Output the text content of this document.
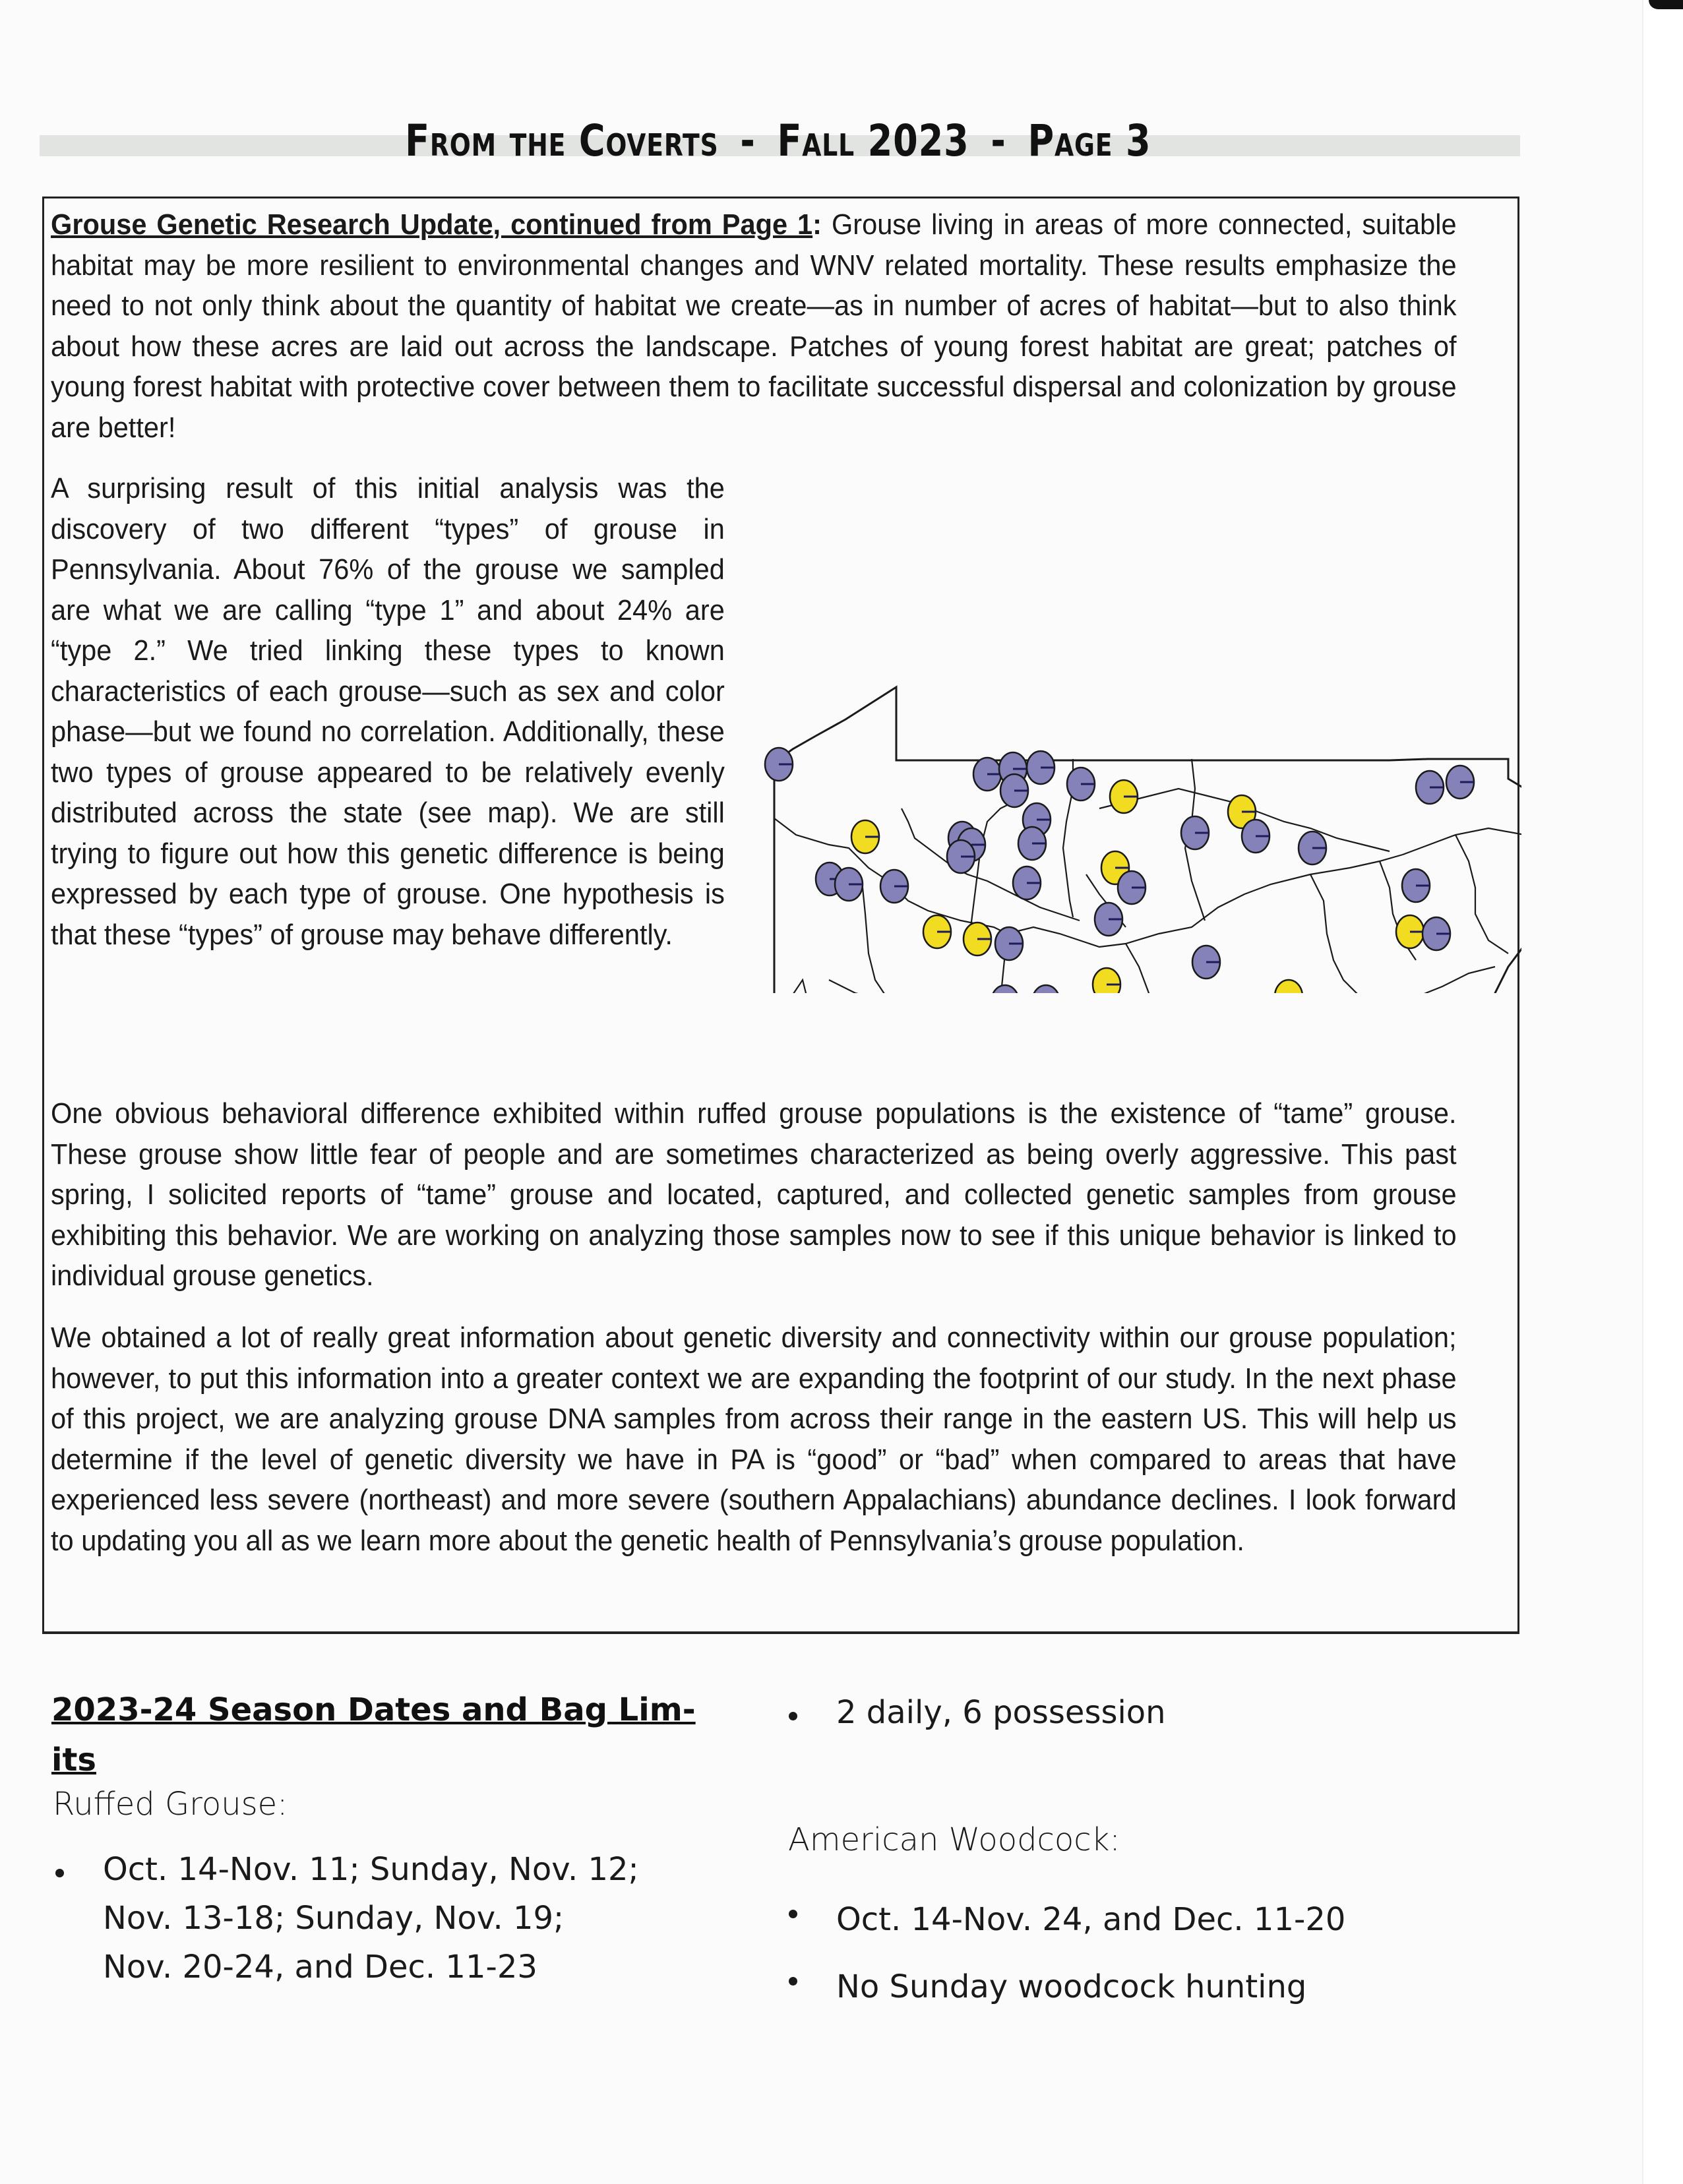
From the Coverts - Fall 2023 - Page 3
Grouse Genetic Research Update, continued from Page 1: Grouse living in areas of more connected, suitable habitat may be more resilient to environmental changes and WNV related mortality. These results emphasize the need to not only think about the quantity of habitat we create—as in number of acres of habitat—but to also think about how these acres are laid out across the landscape. Patches of young forest habitat are great; patches of young forest habitat with protective cover between them to facilitate successful dispersal and colonization by grouse are better!
A surprising result of this initial analysis was the discovery of two different “types” of grouse in Pennsylvania. About 76% of the grouse we sampled are what we are calling “type 1” and about 24% are “type 2.” We tried linking these types to known characteristics of each grouse—such as sex and color phase—but we found no correlation. Additionally, these two types of grouse appeared to be relatively evenly distributed across the state (see map). We are still trying to figure out how this genetic difference is being expressed by each type of grouse. One hypothesis is that these “types” of grouse may behave differently.
One obvious behavioral difference exhibited within ruffed grouse populations is the existence of “tame” grouse. These grouse show little fear of people and are sometimes characterized as being overly aggressive. This past spring, I solicited reports of “tame” grouse and located, captured, and collected genetic samples from grouse exhibiting this behavior. We are working on analyzing those samples now to see if this unique behavior is linked to individual grouse genetics.
We obtained a lot of really great information about genetic diversity and connectivity within our grouse population; however, to put this information into a greater context we are expanding the footprint of our study. In the next phase of this project, we are analyzing grouse DNA samples from across their range in the eastern US. This will help us determine if the level of genetic diversity we have in PA is “good” or “bad” when compared to areas that have experienced less severe (northeast) and more severe (southern Appalachians) abundance declines. I look forward to updating you all as we learn more about the genetic health of Pennsylvania’s grouse population.
2023-24 Season Dates and Bag Lim-
its
Ruffed Grouse:
Oct. 14-Nov. 11; Sunday, Nov. 12;
Nov. 13-18; Sunday, Nov. 19;
Nov. 20-24, and Dec. 11-23
2 daily, 6 possession
American Woodcock:
Oct. 14-Nov. 24, and Dec. 11-20
No Sunday woodcock hunting
